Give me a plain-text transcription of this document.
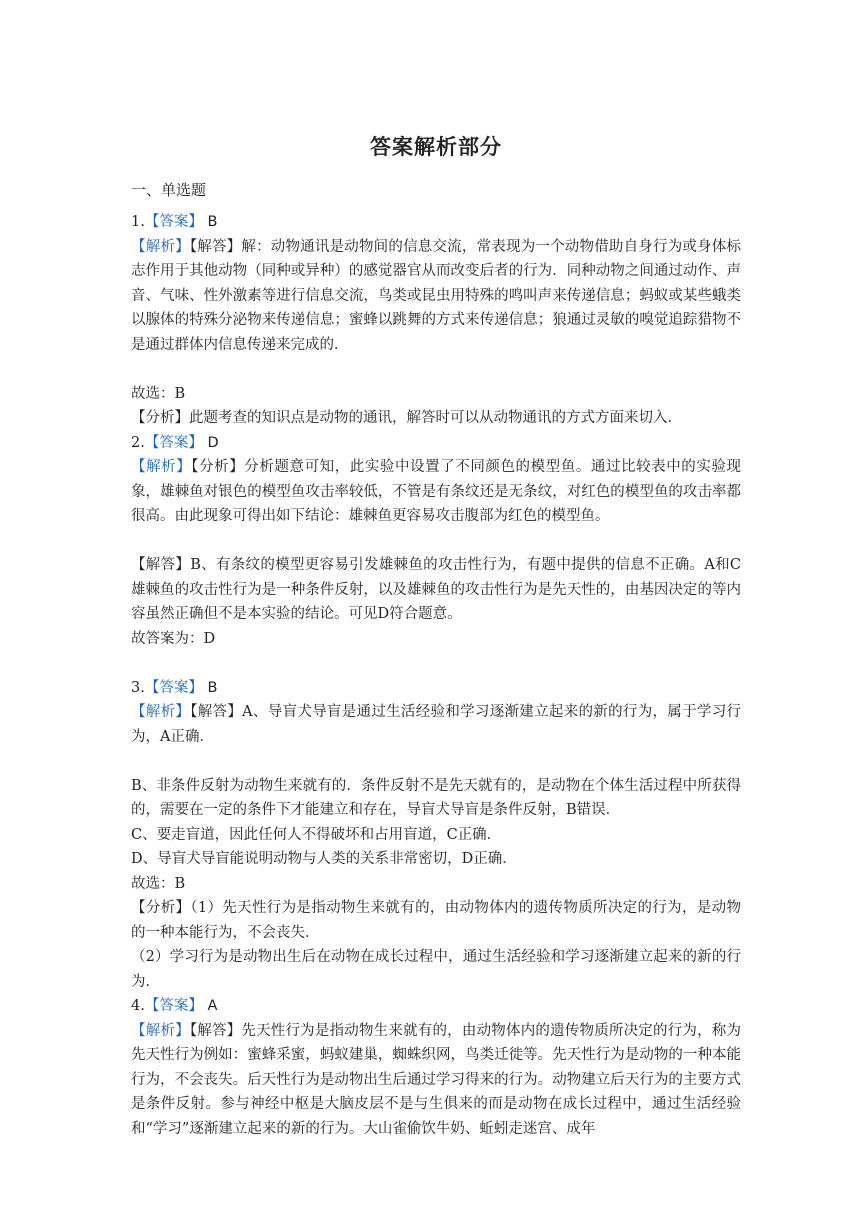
答案解析部分
一、单选题

1.【答案】 B

【解析】【解答】解：动物通讯是动物间的信息交流，常表现为一个动物借助自身行为或身体标志作用于其他动物（同种或异种）的感觉器官从而改变后者的行为．同种动物之间通过动作、声音、气味、性外激素等进行信息交流，鸟类或昆虫用特殊的鸣叫声来传递信息；蚂蚁或某些蛾类以腺体的特殊分泌物来传递信息；蜜蜂以跳舞的方式来传递信息；狼通过灵敏的嗅觉追踪猎物不是通过群体内信息传递来完成的．

故选：B

【分析】此题考查的知识点是动物的通讯，解答时可以从动物通讯的方式方面来切入．

2.【答案】 D

【解析】【分析】分析题意可知，此实验中设置了不同颜色的模型鱼。通过比较表中的实验现象，雄棘鱼对银色的模型鱼攻击率较低，不管是有条纹还是无条纹，对红色的模型鱼的攻击率都很高。由此现象可得出如下结论：雄棘鱼更容易攻击腹部为红色的模型鱼。

【解答】B、有条纹的模型更容易引发雄棘鱼的攻击性行为，有题中提供的信息不正确。A和C雄棘鱼的攻击性行为是一种条件反射，以及雄棘鱼的攻击性行为是先天性的，由基因决定的等内容虽然正确但不是本实验的结论。可见D符合题意。

故答案为：D

3.【答案】 B

【解析】【解答】A、导盲犬导盲是通过生活经验和学习逐渐建立起来的新的行为，属于学习行为，A正确．

B、非条件反射为动物生来就有的．条件反射不是先天就有的，是动物在个体生活过程中所获得的，需要在一定的条件下才能建立和存在，导盲犬导盲是条件反射，B错误．

C、要走盲道，因此任何人不得破坏和占用盲道，C正确．

D、导盲犬导盲能说明动物与人类的关系非常密切，D正确．

故选：B

【分析】（1）先天性行为是指动物生来就有的，由动物体内的遗传物质所决定的行为，是动物的一种本能行为，不会丧失．

（2）学习行为是动物出生后在动物在成长过程中，通过生活经验和学习逐渐建立起来的新的行为．

4.【答案】 A

【解析】【解答】先天性行为是指动物生来就有的，由动物体内的遗传物质所决定的行为，称为先天性行为例如：蜜蜂采蜜，蚂蚁建巢，蜘蛛织网，鸟类迁徙等。先天性行为是动物的一种本能行为，不会丧失。后天性行为是动物出生后通过学习得来的行为。动物建立后天行为的主要方式是条件反射。参与神经中枢是大脑皮层不是与生俱来的而是动物在成长过程中，通过生活经验和“学习”逐渐建立起来的新的行为。大山雀偷饮牛奶、蚯蚓走迷宫、成年
